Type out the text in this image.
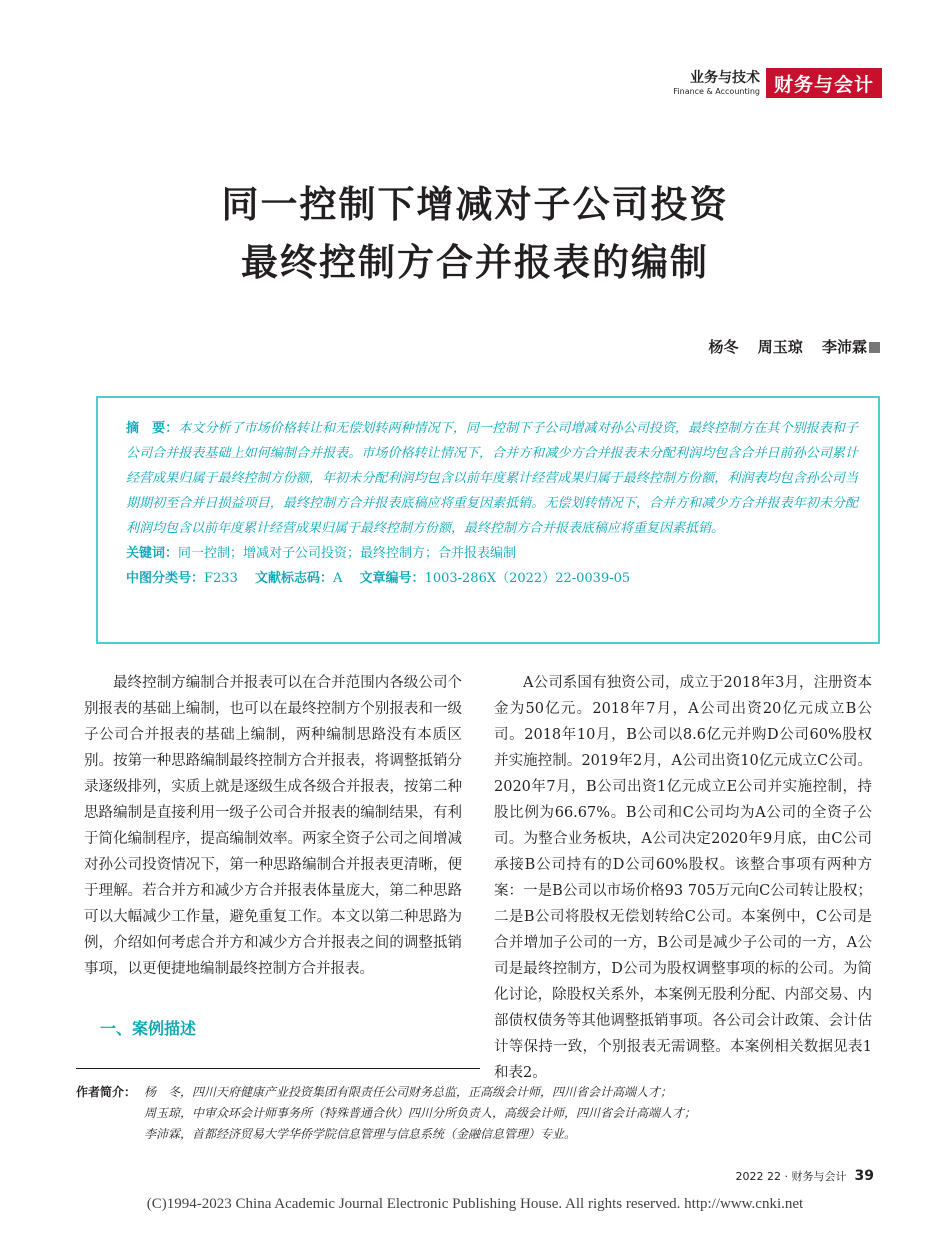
业务与技术
Finance & Accounting 财务与会计
同一控制下增减对子公司投资
最终控制方合并报表的编制
杨冬 周玉琼 李沛霖
摘　要：本文分析了市场价格转让和无偿划转两种情况下，同一控制下子公司增减对孙公司投资，最终控制方在其个别报表和子公司合并报表基础上如何编制合并报表。市场价格转让情况下，合并方和减少方合并报表未分配利润均包含合并日前孙公司累计经营成果归属于最终控制方份额，年初未分配利润均包含以前年度累计经营成果归属于最终控制方份额，利润表均包含孙公司当期期初至合并日损益项目，最终控制方合并报表底稿应将重复因素抵销。无偿划转情况下，合并方和减少方合并报表年初未分配利润均包含以前年度累计经营成果归属于最终控制方份额，最终控制方合并报表底稿应将重复因素抵销。
关键词：同一控制；增减对子公司投资；最终控制方；合并报表编制
中图分类号：F233　 文献标志码：A　 文章编号：1003-286X（2022）22-0039-05

最终控制方编制合并报表可以在合并范围内各级公司个别报表的基础上编制，也可以在最终控制方个别报表和一级子公司合并报表的基础上编制，两种编制思路没有本质区别。按第一种思路编制最终控制方合并报表，将调整抵销分录逐级排列，实质上就是逐级生成各级合并报表，按第二种思路编制是直接利用一级子公司合并报表的编制结果，有利于简化编制程序，提高编制效率。两家全资子公司之间增减对孙公司投资情况下，第一种思路编制合并报表更清晰，便于理解。若合并方和减少方合并报表体量庞大，第二种思路可以大幅减少工作量，避免重复工作。本文以第二种思路为例，介绍如何考虑合并方和减少方合并报表之间的调整抵销事项，以更便捷地编制最终控制方合并报表。

一、案例描述

A公司系国有独资公司，成立于2018年3月，注册资本金为50亿元。2018年7月，A公司出资20亿元成立B公司。2018年10月，B公司以8.6亿元并购D公司60%股权并实施控制。2019年2月，A公司出资10亿元成立C公司。2020年7月，B公司出资1亿元成立E公司并实施控制，持股比例为66.67%。B公司和C公司均为A公司的全资子公司。为整合业务板块，A公司决定2020年9月底，由C公司承接B公司持有的D公司60%股权。该整合事项有两种方案：一是B公司以市场价格93 705万元向C公司转让股权；二是B公司将股权无偿划转给C公司。本案例中，C公司是合并增加子公司的一方，B公司是减少子公司的一方，A公司是最终控制方，D公司为股权调整事项的标的公司。为简化讨论，除股权关系外，本案例无股利分配、内部交易、内部债权债务等其他调整抵销事项。各公司会计政策、会计估计等保持一致，个别报表无需调整。本案例相关数据见表1和表2。

作者简介： 杨　冬，四川天府健康产业投资集团有限责任公司财务总监，正高级会计师，四川省会计高端人才；
周玉琼，中审众环会计师事务所（特殊普通合伙）四川分所负责人，高级会计师，四川省会计高端人才；
李沛霖，首都经济贸易大学华侨学院信息管理与信息系统（金融信息管理）专业。
2022 22 · 财务与会计 39
(C)1994-2023 China Academic Journal Electronic Publishing House. All rights reserved. http://www.cnki.net
